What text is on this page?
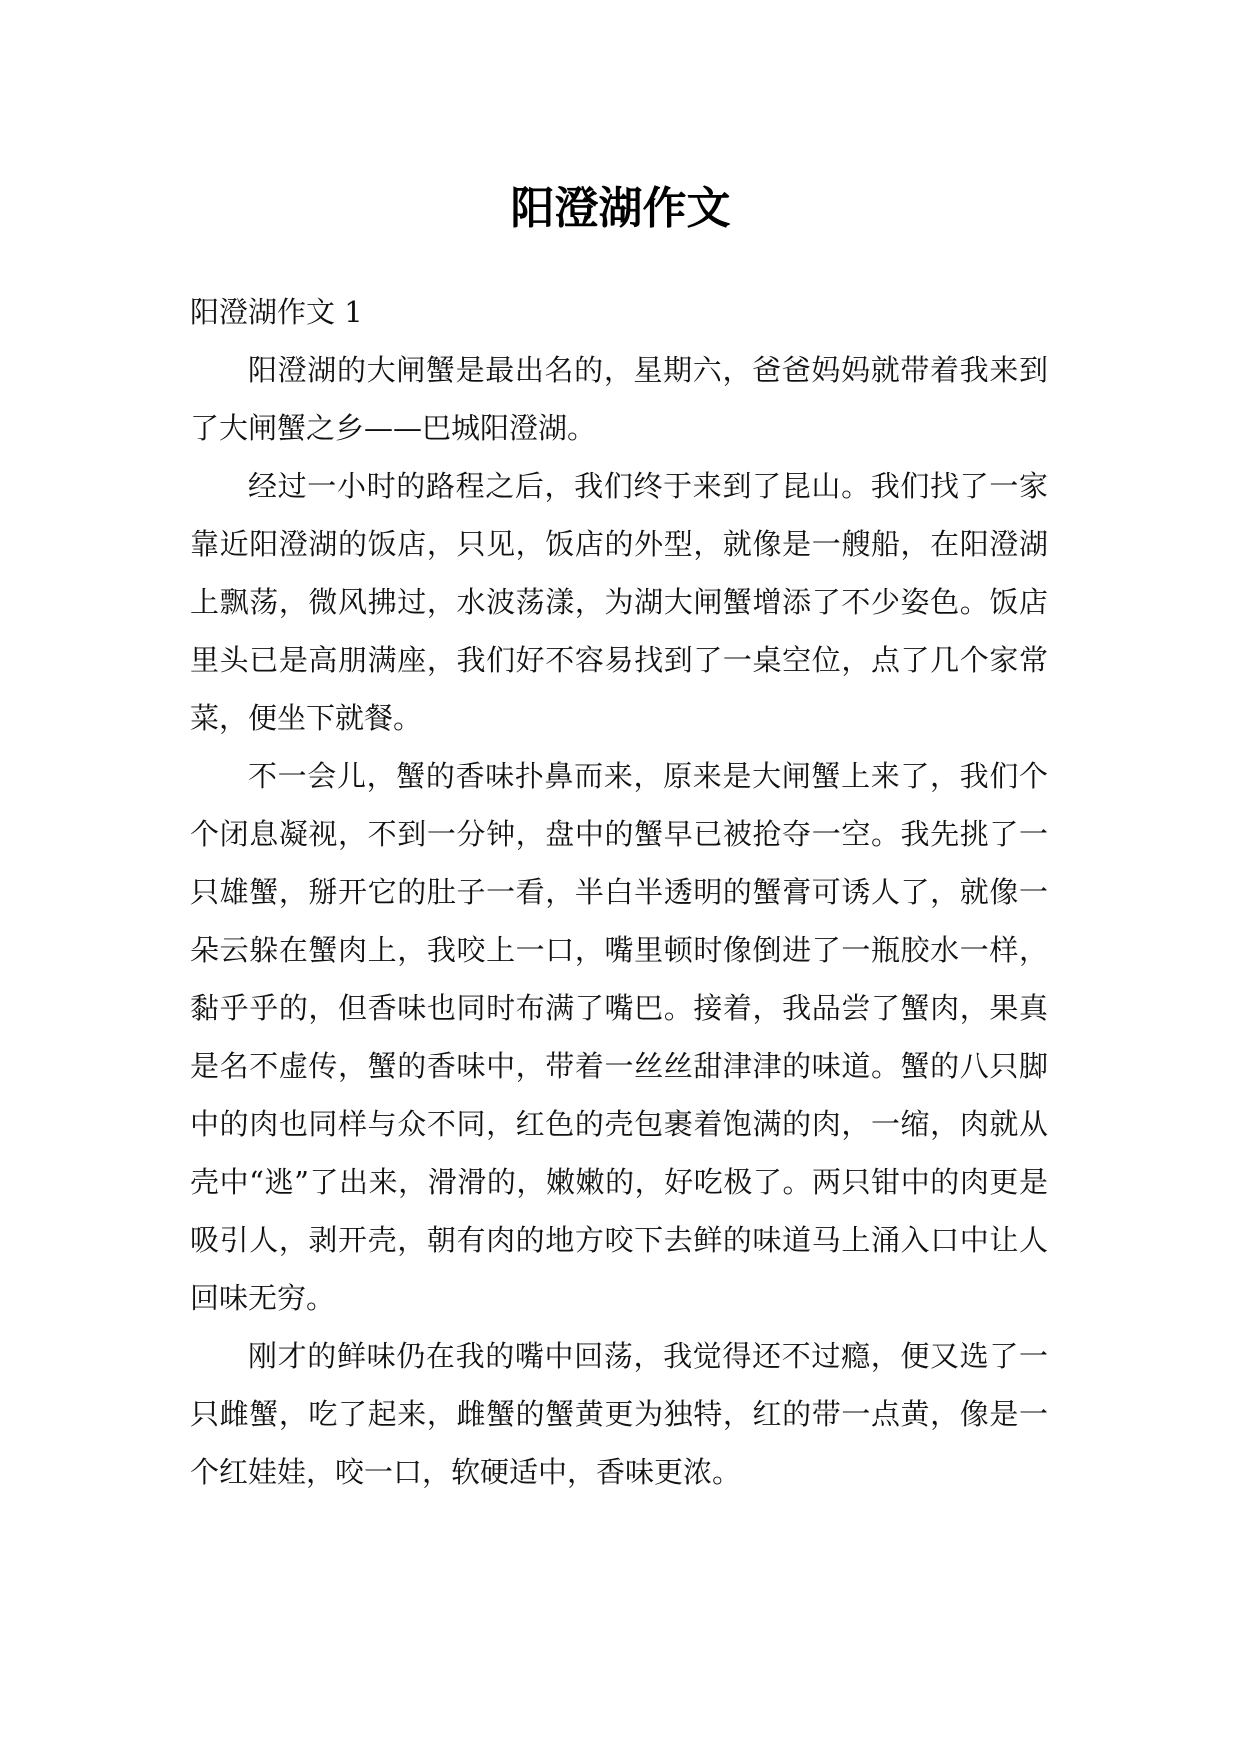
阳澄湖作文

阳澄湖作文 1

阳澄湖的大闸蟹是最出名的，星期六，爸爸妈妈就带着我来到了大闸蟹之乡——巴城阳澄湖。

经过一小时的路程之后，我们终于来到了昆山。我们找了一家靠近阳澄湖的饭店，只见，饭店的外型，就像是一艘船，在阳澄湖上飘荡，微风拂过，水波荡漾，为湖大闸蟹增添了不少姿色。饭店里头已是高朋满座，我们好不容易找到了一桌空位，点了几个家常菜，便坐下就餐。

不一会儿，蟹的香味扑鼻而来，原来是大闸蟹上来了，我们个个闭息凝视，不到一分钟，盘中的蟹早已被抢夺一空。我先挑了一只雄蟹，掰开它的肚子一看，半白半透明的蟹膏可诱人了，就像一朵云躲在蟹肉上，我咬上一口，嘴里顿时像倒进了一瓶胶水一样，黏乎乎的，但香味也同时布满了嘴巴。接着，我品尝了蟹肉，果真是名不虚传，蟹的香味中，带着一丝丝甜津津的味道。蟹的八只脚中的肉也同样与众不同，红色的壳包裹着饱满的肉，一缩，肉就从壳中“逃”了出来，滑滑的，嫩嫩的，好吃极了。两只钳中的肉更是吸引人，剥开壳，朝有肉的地方咬下去鲜的味道马上涌入口中让人回味无穷。

刚才的鲜味仍在我的嘴中回荡，我觉得还不过瘾，便又选了一只雌蟹，吃了起来，雌蟹的蟹黄更为独特，红的带一点黄，像是一个红娃娃，咬一口，软硬适中，香味更浓。
